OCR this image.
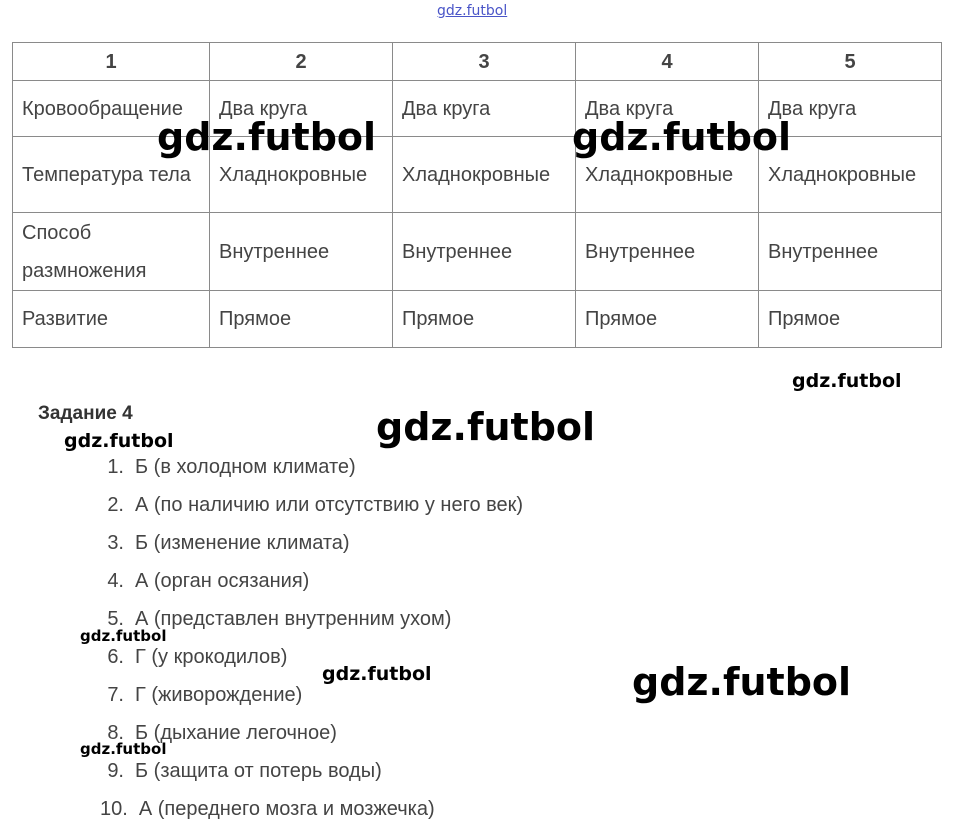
gdz.futbol
1	2	3	4	5
Кровообращение	Два круга	Два круга	Два круга	Два круга
Температура тела	Хладнокровные	Хладнокровные	Хладнокровные	Хладнокровные
Способ размножения	Внутреннее	Внутреннее	Внутреннее	Внутреннее
Развитие	Прямое	Прямое	Прямое	Прямое
Задание 4
1. Б (в холодном климате)
2. А (по наличию или отсутствию у него век)
3. Б (изменение климата)
4. А (орган осязания)
5. А (представлен внутренним ухом)
6. Г (у крокодилов)
7. Г (живорождение)
8. Б (дыхание легочное)
9. Б (защита от потерь воды)
10. А (переднего мозга и мозжечка)
gdz.futbol	gdz.futbol
gdz.futbol
gdz.futbol
gdz.futbol
gdz.futbol
gdz.futbol	gdz.futbol
gdz.futbol
